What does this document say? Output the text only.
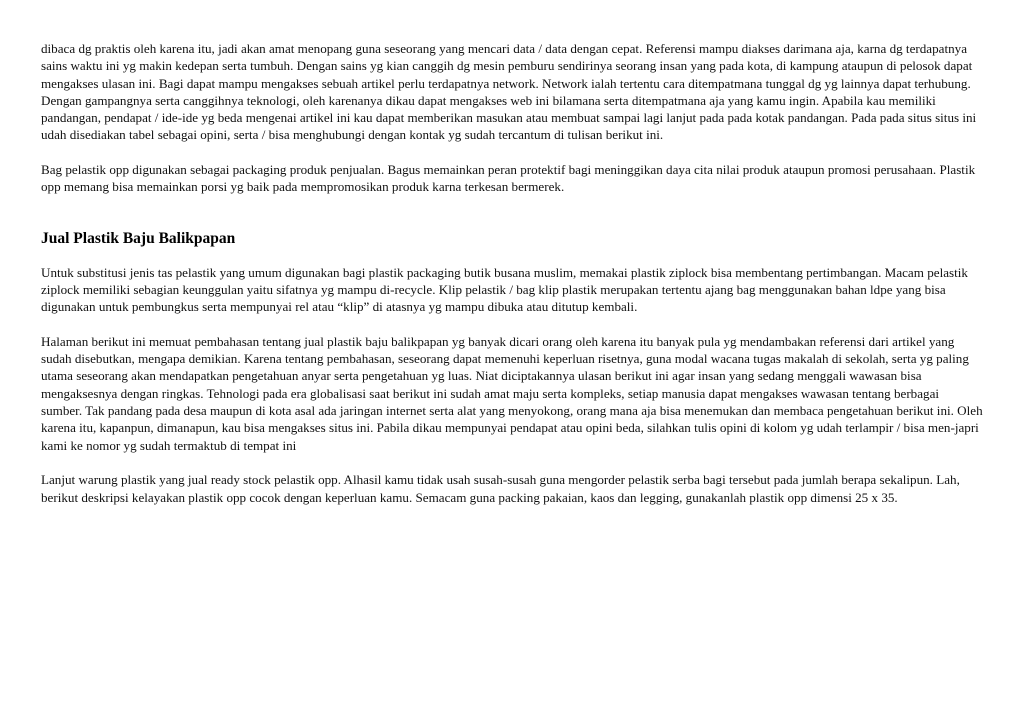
dibaca dg praktis oleh karena itu, jadi akan amat menopang guna seseorang yang mencari data / data dengan cepat. Referensi mampu diakses darimana aja, karna dg terdapatnya sains waktu ini yg makin kedepan serta tumbuh. Dengan sains yg kian canggih dg mesin pemburu sendirinya seorang insan yang pada kota, di kampung ataupun di pelosok dapat mengakses ulasan ini. Bagi dapat mampu mengakses sebuah artikel perlu terdapatnya network. Network ialah tertentu cara ditempatmana tunggal dg yg lainnya dapat terhubung. Dengan gampangnya serta canggihnya teknologi, oleh karenanya dikau dapat mengakses web ini bilamana serta ditempatmana aja yang kamu ingin. Apabila kau memiliki pandangan, pendapat / ide-ide yg beda mengenai artikel ini kau dapat memberikan masukan atau membuat sampai lagi lanjut pada pada kotak pandangan. Pada pada situs situs ini udah disediakan tabel sebagai opini, serta / bisa menghubungi dengan kontak yg sudah tercantum di tulisan berikut ini.

Bag pelastik opp digunakan sebagai packaging produk penjualan. Bagus memainkan peran protektif bagi meninggikan daya cita nilai produk ataupun promosi perusahaan. Plastik opp memang bisa memainkan porsi yg baik pada mempromosikan produk karna terkesan bermerek.

Jual Plastik Baju Balikpapan

Untuk substitusi jenis tas pelastik yang umum digunakan bagi plastik packaging butik busana muslim, memakai plastik ziplock bisa membentang pertimbangan. Macam pelastik ziplock memiliki sebagian keunggulan yaitu sifatnya yg mampu di-recycle. Klip pelastik / bag klip plastik merupakan tertentu ajang bag menggunakan bahan ldpe yang bisa digunakan untuk pembungkus serta mempunyai rel atau “klip” di atasnya yg mampu dibuka atau ditutup kembali.

Halaman berikut ini memuat pembahasan tentang jual plastik baju balikpapan yg banyak dicari orang oleh karena itu banyak pula yg mendambakan referensi dari artikel yang sudah disebutkan, mengapa demikian. Karena tentang pembahasan, seseorang dapat memenuhi keperluan risetnya, guna modal wacana tugas makalah di sekolah, serta yg paling utama seseorang akan mendapatkan pengetahuan anyar serta pengetahuan yg luas. Niat diciptakannya ulasan berikut ini agar insan yang sedang menggali wawasan bisa mengaksesnya dengan ringkas. Tehnologi pada era globalisasi saat berikut ini sudah amat maju serta kompleks, setiap manusia dapat mengakses wawasan tentang berbagai sumber. Tak pandang pada desa maupun di kota asal ada jaringan internet serta alat yang menyokong, orang mana aja bisa menemukan dan membaca pengetahuan berikut ini. Oleh karena itu, kapanpun, dimanapun, kau bisa mengakses situs ini. Pabila dikau mempunyai pendapat atau opini beda, silahkan tulis opini di kolom yg udah terlampir / bisa men-japri kami ke nomor yg sudah termaktub di tempat ini

Lanjut warung plastik yang jual ready stock pelastik opp. Alhasil kamu tidak usah susah-susah guna mengorder pelastik serba bagi tersebut pada jumlah berapa sekalipun. Lah, berikut deskripsi kelayakan plastik opp cocok dengan keperluan kamu. Semacam guna packing pakaian, kaos dan legging, gunakanlah plastik opp dimensi 25 x 35.
